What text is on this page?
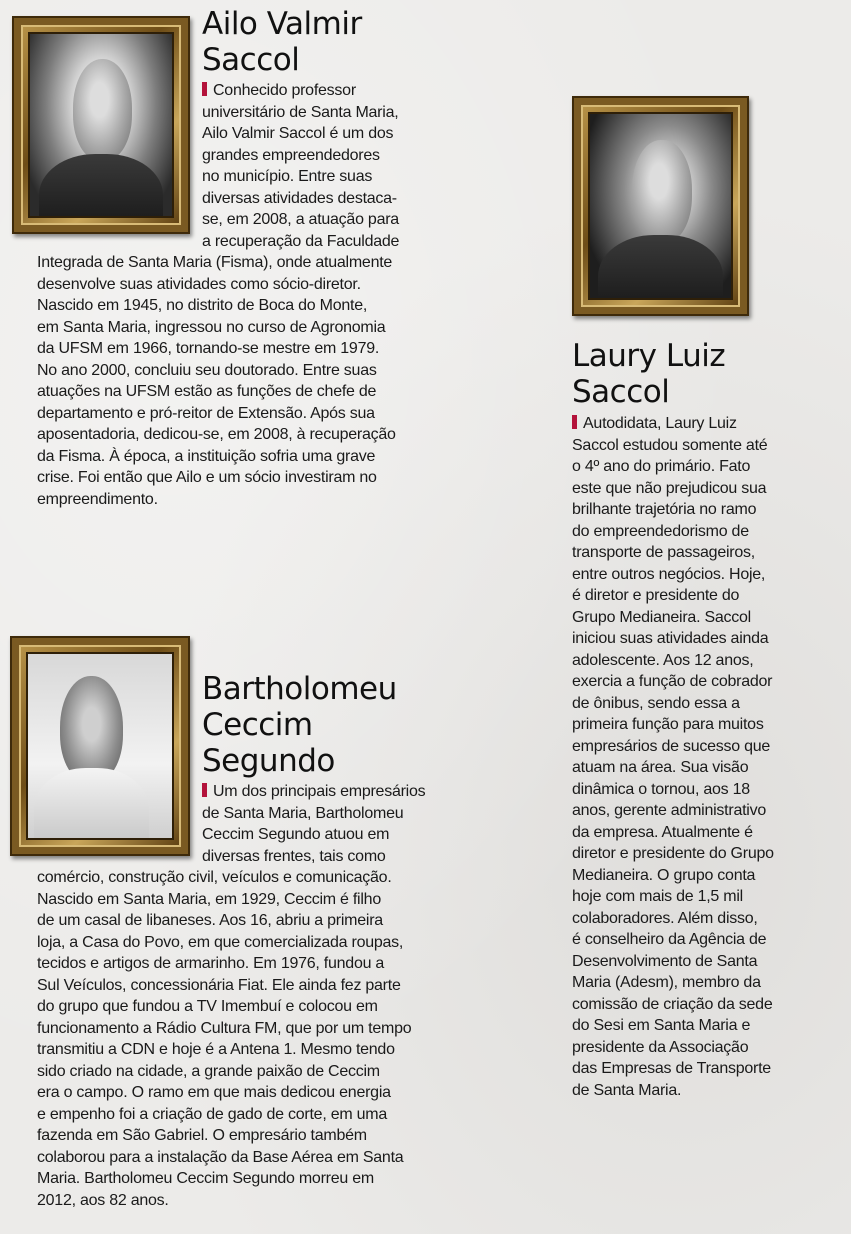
Ailo Valmir
Saccol

Conhecido professor
universitário de Santa Maria,
Ailo Valmir Saccol é um dos
grandes empreendedores
no município. Entre suas
diversas atividades destaca-
se, em 2008, a atuação para
a recuperação da Faculdade
Integrada de Santa Maria (Fisma), onde atualmente
desenvolve suas atividades como sócio-diretor.
Nascido em 1945, no distrito de Boca do Monte,
em Santa Maria, ingressou no curso de Agronomia
da UFSM em 1966, tornando-se mestre em 1979.
No ano 2000, concluiu seu doutorado. Entre suas
atuações na UFSM estão as funções de chefe de
departamento e pró-reitor de Extensão. Após sua
aposentadoria, dedicou-se, em 2008, à recuperação
da Fisma. À época, a instituição sofria uma grave
crise. Foi então que Ailo e um sócio investiram no
empreendimento.

Laury Luiz
Saccol

Autodidata, Laury Luiz
Saccol estudou somente até
o 4º ano do primário. Fato
este que não prejudicou sua
brilhante trajetória no ramo
do empreendedorismo de
transporte de passageiros,
entre outros negócios. Hoje,
é diretor e presidente do
Grupo Medianeira. Saccol
iniciou suas atividades ainda
adolescente. Aos 12 anos,
exercia a função de cobrador
de ônibus, sendo essa a
primeira função para muitos
empresários de sucesso que
atuam na área. Sua visão
dinâmica o tornou, aos 18
anos, gerente administrativo
da empresa. Atualmente é
diretor e presidente do Grupo
Medianeira. O grupo conta
hoje com mais de 1,5 mil
colaboradores. Além disso,
é conselheiro da Agência de
Desenvolvimento de Santa
Maria (Adesm), membro da
comissão de criação da sede
do Sesi em Santa Maria e
presidente da Associação
das Empresas de Transporte
de Santa Maria.

Bartholomeu
Ceccim
Segundo

Um dos principais empresários
de Santa Maria, Bartholomeu
Ceccim Segundo atuou em
diversas frentes, tais como
comércio, construção civil, veículos e comunicação.
Nascido em Santa Maria, em 1929, Ceccim é filho
de um casal de libaneses. Aos 16, abriu a primeira
loja, a Casa do Povo, em que comercializada roupas,
tecidos e artigos de armarinho. Em 1976, fundou a
Sul Veículos, concessionária Fiat. Ele ainda fez parte
do grupo que fundou a TV Imembuí e colocou em
funcionamento a Rádio Cultura FM, que por um tempo
transmitiu a CDN e hoje é a Antena 1. Mesmo tendo
sido criado na cidade, a grande paixão de Ceccim
era o campo. O ramo em que mais dedicou energia
e empenho foi a criação de gado de corte, em uma
fazenda em São Gabriel. O empresário também
colaborou para a instalação da Base Aérea em Santa
Maria. Bartholomeu Ceccim Segundo morreu em
2012, aos 82 anos.
